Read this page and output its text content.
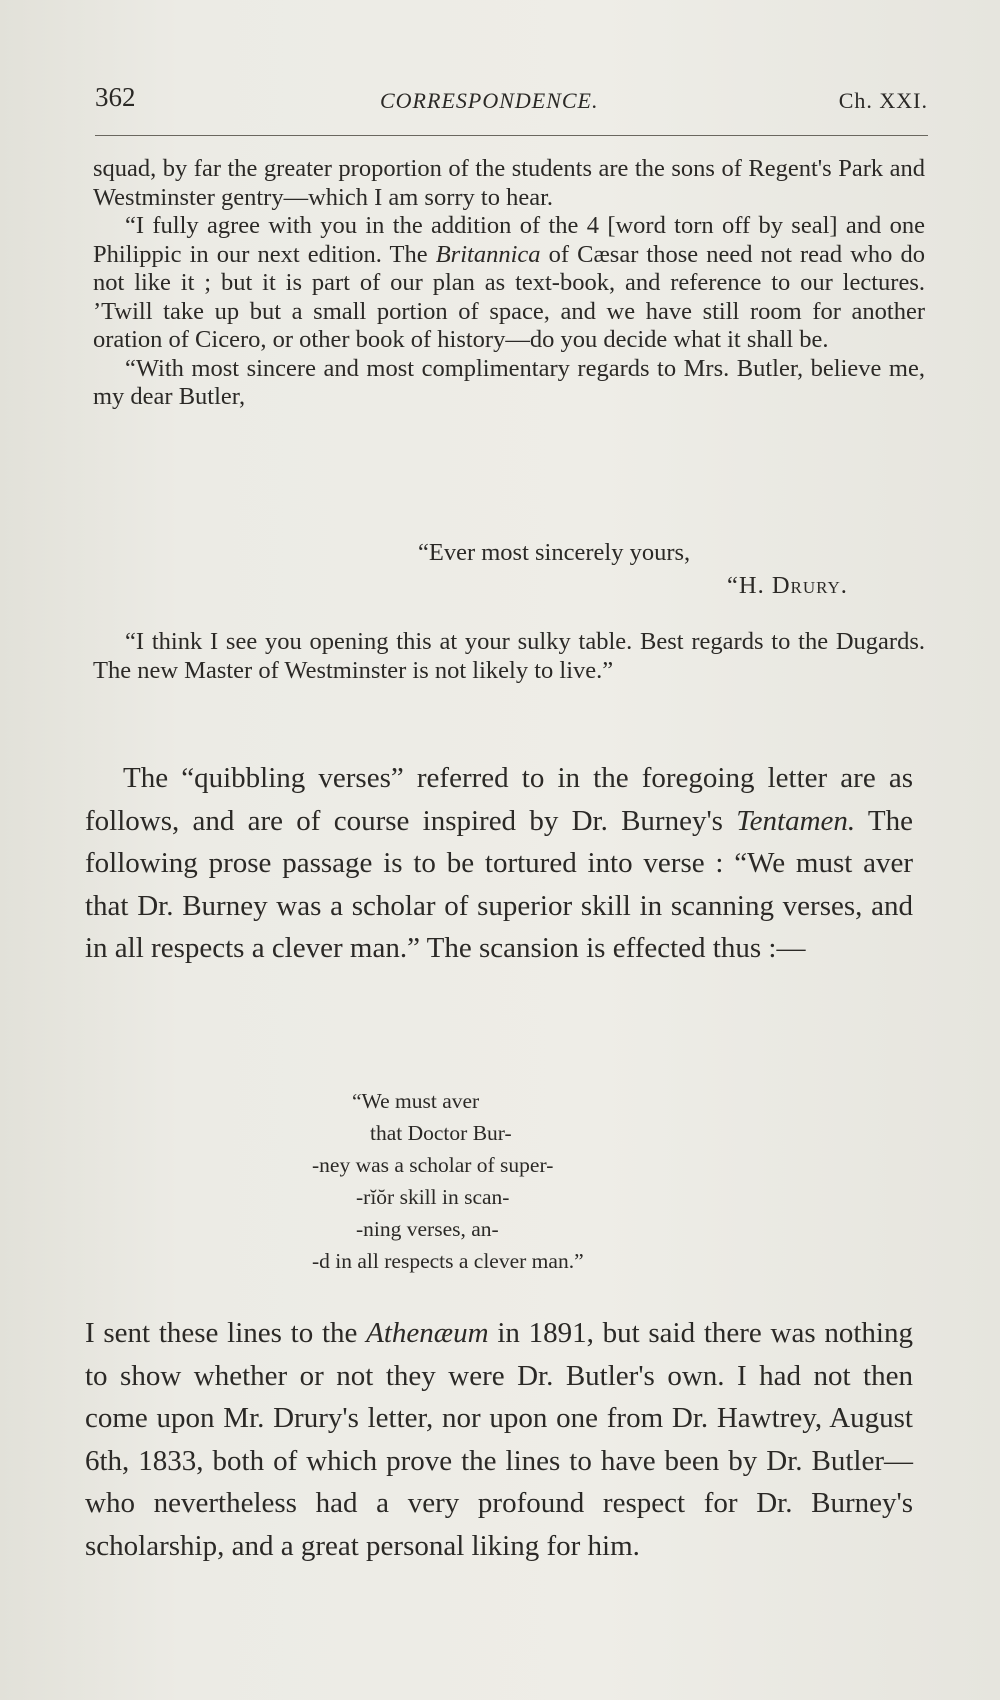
362	CORRESPONDENCE.	Ch. XXI.

squad, by far the greater proportion of the students are the sons of Regent's Park and Westminster gentry—which I am sorry to hear.

“I fully agree with you in the addition of the 4 [word torn off by seal] and one Philippic in our next edition. The Britannica of Cæsar those need not read who do not like it ; but it is part of our plan as text-book, and reference to our lectures. ’Twill take up but a small portion of space, and we have still room for another oration of Cicero, or other book of history—do you decide what it shall be.

“With most sincere and most complimentary regards to Mrs. Butler, believe me, my dear Butler,

“Ever most sincerely yours,
“H. Drury.

“I think I see you opening this at your sulky table. Best regards to the Dugards. The new Master of Westminster is not likely to live.”

The “quibbling verses” referred to in the foregoing letter are as follows, and are of course inspired by Dr. Burney's Tentamen. The following prose passage is to be tortured into verse : “We must aver that Dr. Burney was a scholar of superior skill in scanning verses, and in all respects a clever man.” The scansion is effected thus :—

“We must aver
that Doctor Bur-
-ney was a scholar of super-
-rĭŏr skill in scan-
-ning verses, an-
-d in all respects a clever man.”

I sent these lines to the Athenæum in 1891, but said there was nothing to show whether or not they were Dr. Butler's own. I had not then come upon Mr. Drury's letter, nor upon one from Dr. Hawtrey, August 6th, 1833, both of which prove the lines to have been by Dr. Butler—who nevertheless had a very profound respect for Dr. Burney's scholarship, and a great personal liking for him.
